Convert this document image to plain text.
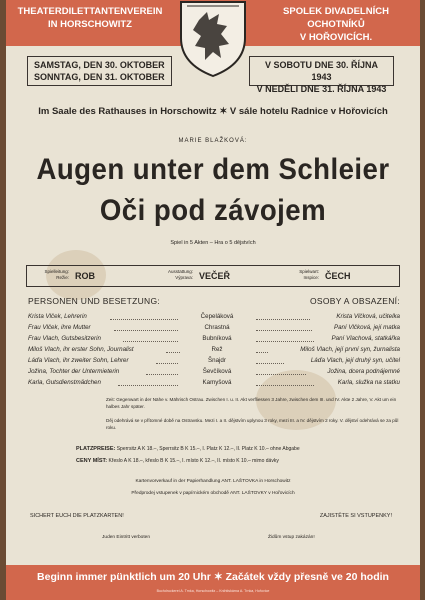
THEATERDILETTANTENVEREIN
IN HORSCHOWITZ
SPOLEK DIVADELNÍCH OCHOTNÍKŮ
V HOŘOVICÍCH.
SAMSTAG, DEN 30. OKTOBER
SONNTAG, DEN 31. OKTOBER
V SOBOTU DNE 30. ŘÍJNA 1943
V NEDĚLI DNE 31. ŘÍJNA 1943
Im Saale des Rathauses in Horschowitz ✶ V sále hotelu Radnice v Hořovicích
MARIE BLAŽKOVÁ:
Augen unter dem Schleier
Oči pod závojem
Spiel in 5 Akten – Hra o 5 dějstvích
Spielleitung:
Režie: ROB	Ausstattung:
Výprava: VEČEŘ	Spielwart:
Inspice: ČECH
PERSONEN UND BESETZUNG:	OSOBY A OBSAZENÍ:
Krista Vlček, Lehrerin	Čepeláková	Krista Vlčková, učitelka
Frau Vlček, ihre Mutter	Chrastná	Paní Vlčková, její matka
Frau Vlach, Gutsbesitzerin	Bubníková	Paní Vlachová, statkářka
Miloš Vlach, ihr erster Sohn, Journalist	Rež	Miloš Vlach, její první syn, žurnalista
Láďa Vlach, ihr zweiter Sohn, Lehrer	Šnajdr	Láďa Vlach, její druhý syn, učitel
Jožina, Tochter der Untermieterin	Ševčíková	Jožina, dcera podnájemné
Karla, Gutsdienstmädchen	Kamyšová	Karla, služka na statku
Zeit: Gegenwart in der Nähe v. Mährisch Ostrau. Zwischen I. u. II. Akt verfliessen 3 Jahre, zwischen dem III. und IV. Akte 2 Jahre, V. Akt um ein halbes Jahr später.
Děj odehrává se v přítomné době na Ostravsku. Mezi I. a II. dějstvím uplynou 3 roky, mezi III. a IV. dějstvím 2 roky. V. dějství odehrává se za půl roku.
PLATZPREISE: Sperrsitz A K 18.–, Sperrsitz B K 15.–, I. Platz K 12.–, II. Platz K 10.– ohne Abgabe
CENY MÍST: Křeslo A K 18.–, křeslo B K 15.–, I. místo K 12.–, II. místo K 10.– mimo dávky
Kartenvorverkauf in der Papierhandlung ANT. LAŠTOVKA in Horschowitz
Předprodej vstupenek v papírnickém obchodě ANT. LAŠTOVKY v Hořovicích
SICHERT EUCH DIE PLATZKARTEN!	ZAJISTĚTE SI VSTUPENKY!
Juden Eintritt verboten	Židům vstup zakázán!
Beginn immer pünktlich um 20 Uhr ✶ Začátek vždy přesně ve 20 hodin
Buchdruckerei A. Trnka, Horschowitz – Knihtiskárna A. Trnka, Hořovice
